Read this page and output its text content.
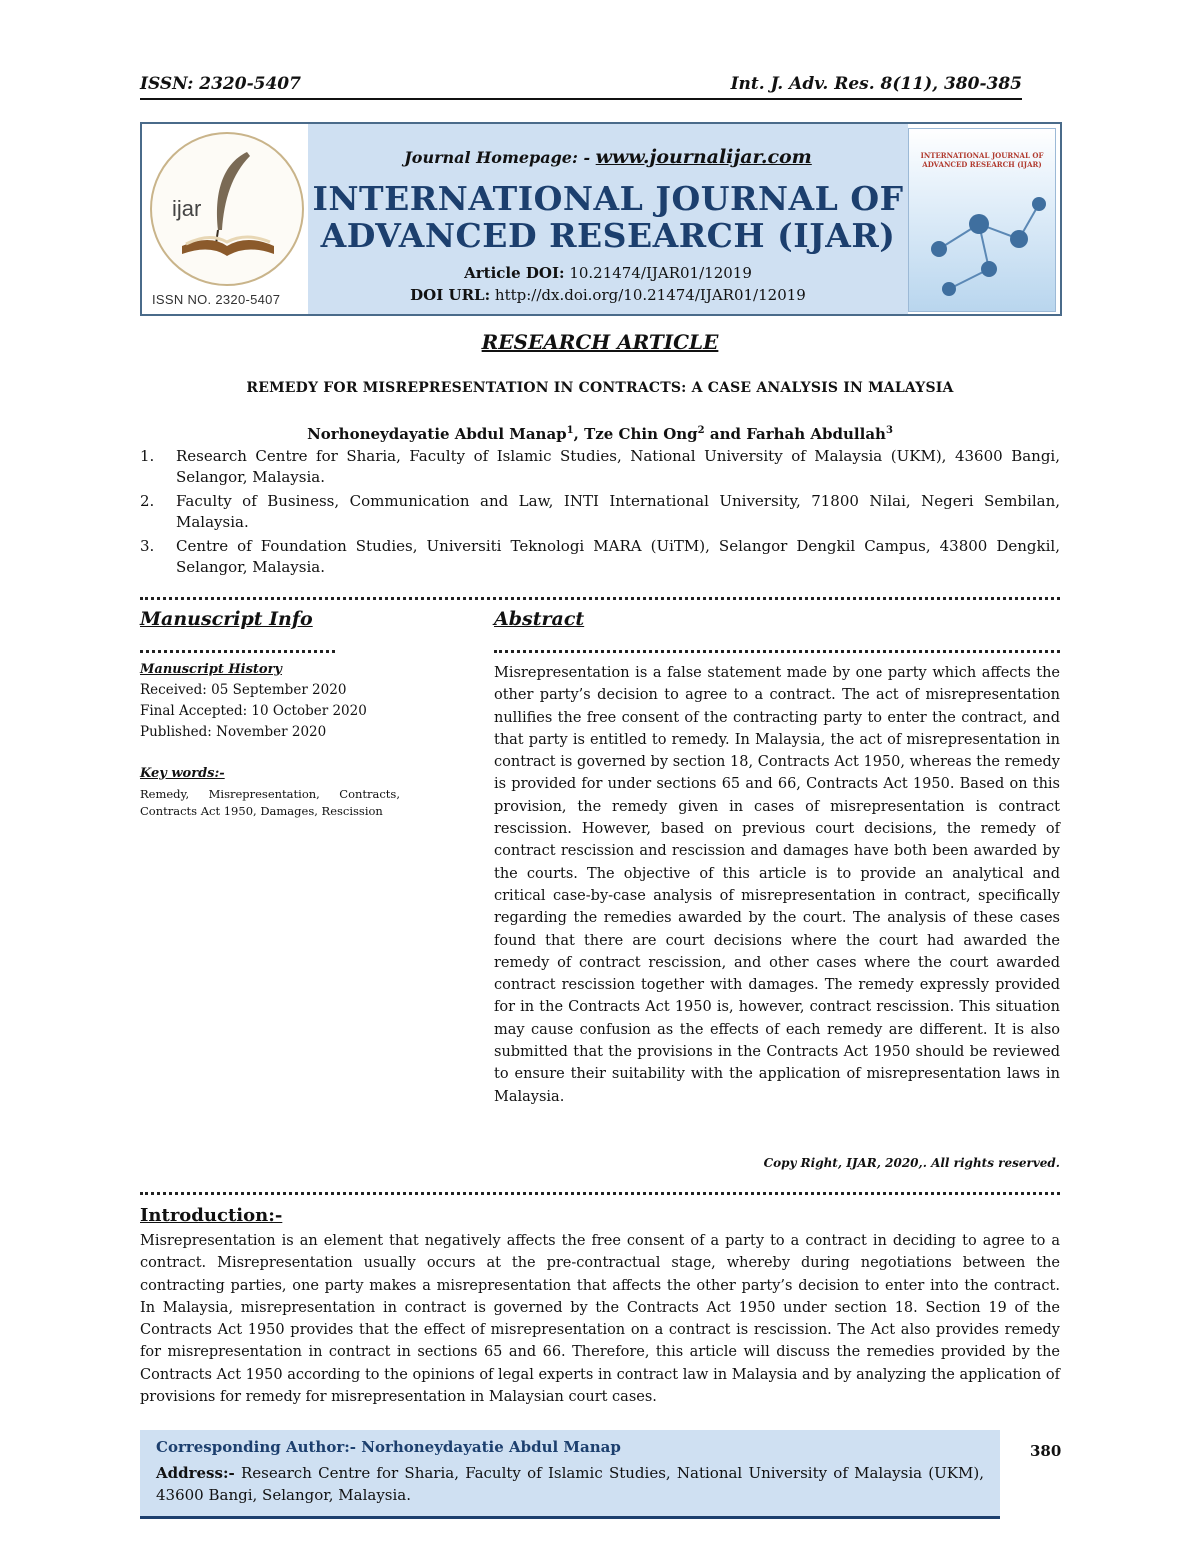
ISSN: 2320-5407	Int. J. Adv. Res. 8(11), 380-385
ijar
ISSN NO. 2320-5407
Journal Homepage: - www.journalijar.com
INTERNATIONAL JOURNAL OF
ADVANCED RESEARCH (IJAR)
Article DOI: 10.21474/IJAR01/12019
DOI URL: http://dx.doi.org/10.21474/IJAR01/12019
INTERNATIONAL JOURNAL OF ADVANCED RESEARCH (IJAR)
RESEARCH ARTICLE
REMEDY FOR MISREPRESENTATION IN CONTRACTS: A CASE ANALYSIS IN MALAYSIA
Norhoneydayatie Abdul Manap$^1$, Tze Chin Ong$^2$ and Farhah Abdullah$^3$
1. Research Centre for Sharia, Faculty of Islamic Studies, National University of Malaysia (UKM), 43600 Bangi, Selangor, Malaysia.
2. Faculty of Business, Communication and Law, INTI International University, 71800 Nilai, Negeri Sembilan, Malaysia.
3. Centre of Foundation Studies, Universiti Teknologi MARA (UiTM), Selangor Dengkil Campus, 43800 Dengkil, Selangor, Malaysia.
Manuscript Info
Manuscript History
Received: 05 September 2020
Final Accepted: 10 October 2020
Published: November 2020
Key words:-
Remedy, Misrepresentation, Contracts, Contracts Act 1950, Damages, Rescission
Abstract

Misrepresentation is a false statement made by one party which affects the other party’s decision to agree to a contract. The act of misrepresentation nullifies the free consent of the contracting party to enter the contract, and that party is entitled to remedy. In Malaysia, the act of misrepresentation in contract is governed by section 18, Contracts Act 1950, whereas the remedy is provided for under sections 65 and 66, Contracts Act 1950. Based on this provision, the remedy given in cases of misrepresentation is contract rescission. However, based on previous court decisions, the remedy of contract rescission and rescission and damages have both been awarded by the courts. The objective of this article is to provide an analytical and critical case-by-case analysis of misrepresentation in contract, specifically regarding the remedies awarded by the court. The analysis of these cases found that there are court decisions where the court had awarded the remedy of contract rescission, and other cases where the court awarded contract rescission together with damages. The remedy expressly provided for in the Contracts Act 1950 is, however, contract rescission. This situation may cause confusion as the effects of each remedy are different. It is also submitted that the provisions in the Contracts Act 1950 should be reviewed to ensure their suitability with the application of misrepresentation laws in Malaysia.

Copy Right, IJAR, 2020,. All rights reserved.
Introduction:-

Misrepresentation is an element that negatively affects the free consent of a party to a contract in deciding to agree to a contract. Misrepresentation usually occurs at the pre-contractual stage, whereby during negotiations between the contracting parties, one party makes a misrepresentation that affects the other party’s decision to enter into the contract. In Malaysia, misrepresentation in contract is governed by the Contracts Act 1950 under section 18. Section 19 of the Contracts Act 1950 provides that the effect of misrepresentation on a contract is rescission. The Act also provides remedy for misrepresentation in contract in sections 65 and 66. Therefore, this article will discuss the remedies provided by the Contracts Act 1950 according to the opinions of legal experts in contract law in Malaysia and by analyzing the application of provisions for remedy for misrepresentation in Malaysian court cases.

Corresponding Author:- Norhoneydayatie Abdul Manap
Address:- Research Centre for Sharia, Faculty of Islamic Studies, National University of Malaysia (UKM), 43600 Bangi, Selangor, Malaysia.
380
